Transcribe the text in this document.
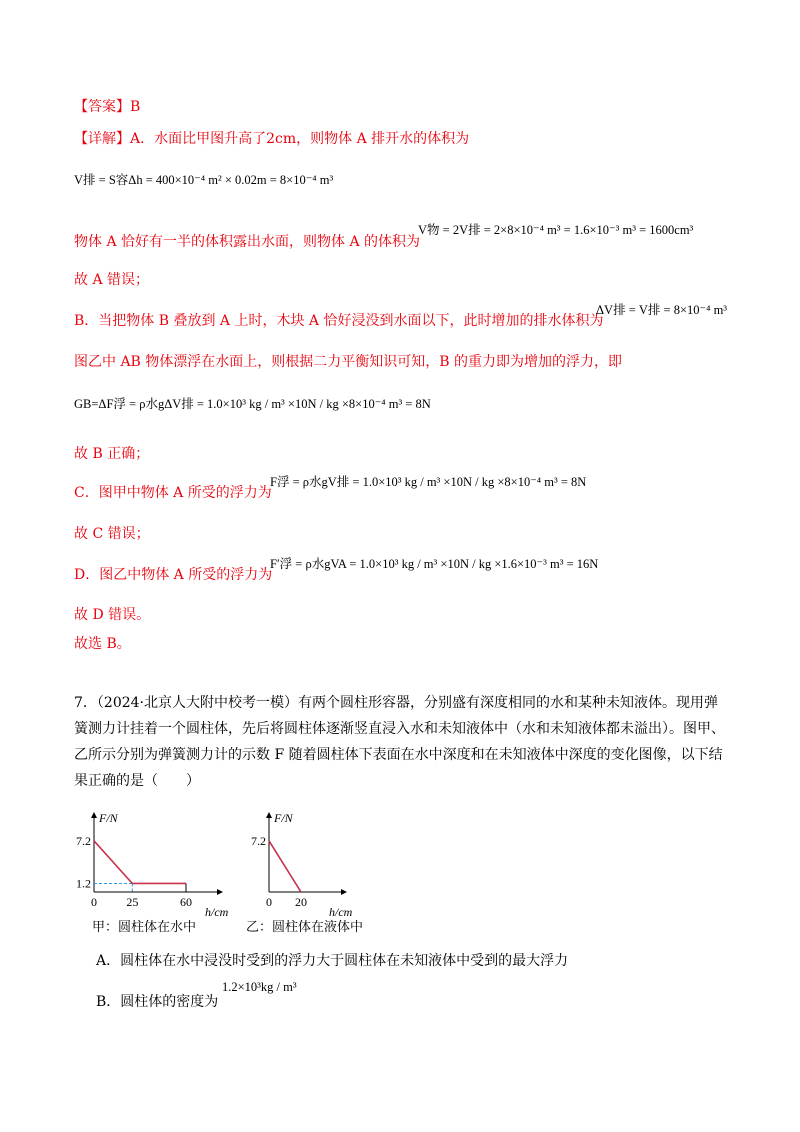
【答案】B
【详解】A．水面比甲图升高了2cm，则物体 A 排开水的体积为
V排 = S容Δh = 400×10⁻⁴ m² × 0.02m = 8×10⁻⁴ m³
物体 A 恰好有一半的体积露出水面，则物体 A 的体积为
V物 = 2V排 = 2×8×10⁻⁴ m³ = 1.6×10⁻³ m³ = 1600cm³
故 A 错误；
B．当把物体 B 叠放到 A 上时，木块 A 恰好浸没到水面以下，此时增加的排水体积为
ΔV排 = V排 = 8×10⁻⁴ m³
图乙中 AB 物体漂浮在水面上，则根据二力平衡知识可知，B 的重力即为增加的浮力，即
GB=ΔF浮 = ρ水gΔV排 = 1.0×10³ kg / m³ ×10N / kg ×8×10⁻⁴ m³ = 8N
故 B 正确；
C．图甲中物体 A 所受的浮力为
F浮 = ρ水gV排 = 1.0×10³ kg / m³ ×10N / kg ×8×10⁻⁴ m³ = 8N
故 C 错误；
D．图乙中物体 A 所受的浮力为
F′浮 = ρ水gVA = 1.0×10³ kg / m³ ×10N / kg ×1.6×10⁻³ m³ = 16N
故 D 错误。
故选 B。
7．（2024·北京人大附中校考一模）有两个圆柱形容器，分别盛有深度相同的水和某种未知液体。现用弹
簧测力计挂着一个圆柱体，先后将圆柱体逐渐竖直浸入水和未知液体中（水和未知液体都未溢出）。图甲、
乙所示分别为弹簧测力计的示数 F 随着圆柱体下表面在水中深度和在未知液体中深度的变化图像，以下结
果正确的是（　　）
7.2
1.2
0 25	60
F/N
h/cm
甲：圆柱体在水中
7.2
0 20
F/N
h/cm
乙：圆柱体在液体中
A．圆柱体在水中浸没时受到的浮力大于圆柱体在未知液体中受到的最大浮力
B．圆柱体的密度为
1.2×10³kg / m³
